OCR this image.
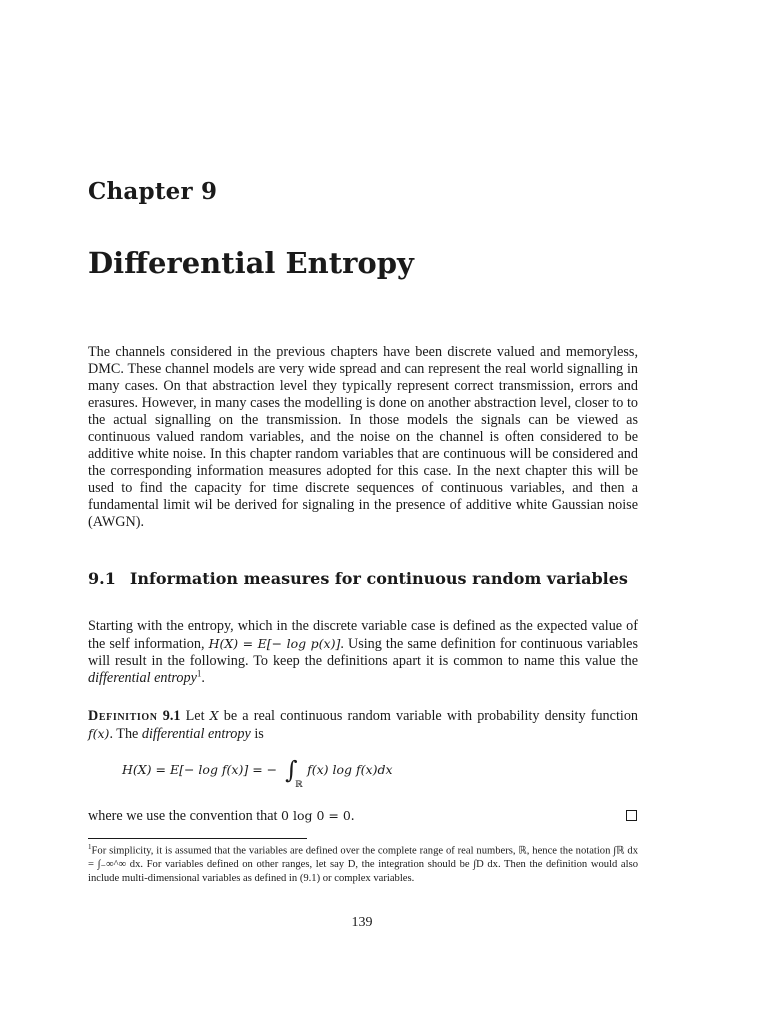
Chapter 9
Differential Entropy

The channels considered in the previous chapters have been discrete valued and memoryless, DMC. These channel models are very wide spread and can represent the real world signalling in many cases. On that abstraction level they typically represent correct transmission, errors and erasures. However, in many cases the modelling is done on another abstraction level, closer to to the actual signalling on the transmission. In those models the signals can be viewed as continuous valued random variables, and the noise on the channel is often considered to be additive white noise. In this chapter random variables that are continuous will be considered and the corresponding information measures adopted for this case. In the next chapter this will be used to find the capacity for time discrete sequences of continuous variables, and then a fundamental limit wil be derived for signaling in the presence of additive white Gaussian noise (AWGN).

9.1 Information measures for continuous random variables

Starting with the entropy, which in the discrete variable case is defined as the expected value of the self information, H(X) = E[− log p(x)]. Using the same definition for continuous variables will result in the following. To keep the definitions apart it is common to name this value the differential entropy$^1$.

Definition 9.1 Let X be a real continuous random variable with probability density function f(x). The differential entropy is

H(X) = E[− log f(x)] = − ∫
ℝ
f(x) log f(x)dx
where we use the convention that 0 log 0 = 0.

$^1$For simplicity, it is assumed that the variables are defined over the complete range of real numbers, ℝ, hence the notation ∫ℝ dx = ∫₋∞^∞ dx. For variables defined on other ranges, let say D, the integration should be ∫D dx. Then the definition would also include multi-dimensional variables as defined in (9.1) or complex variables.

139
